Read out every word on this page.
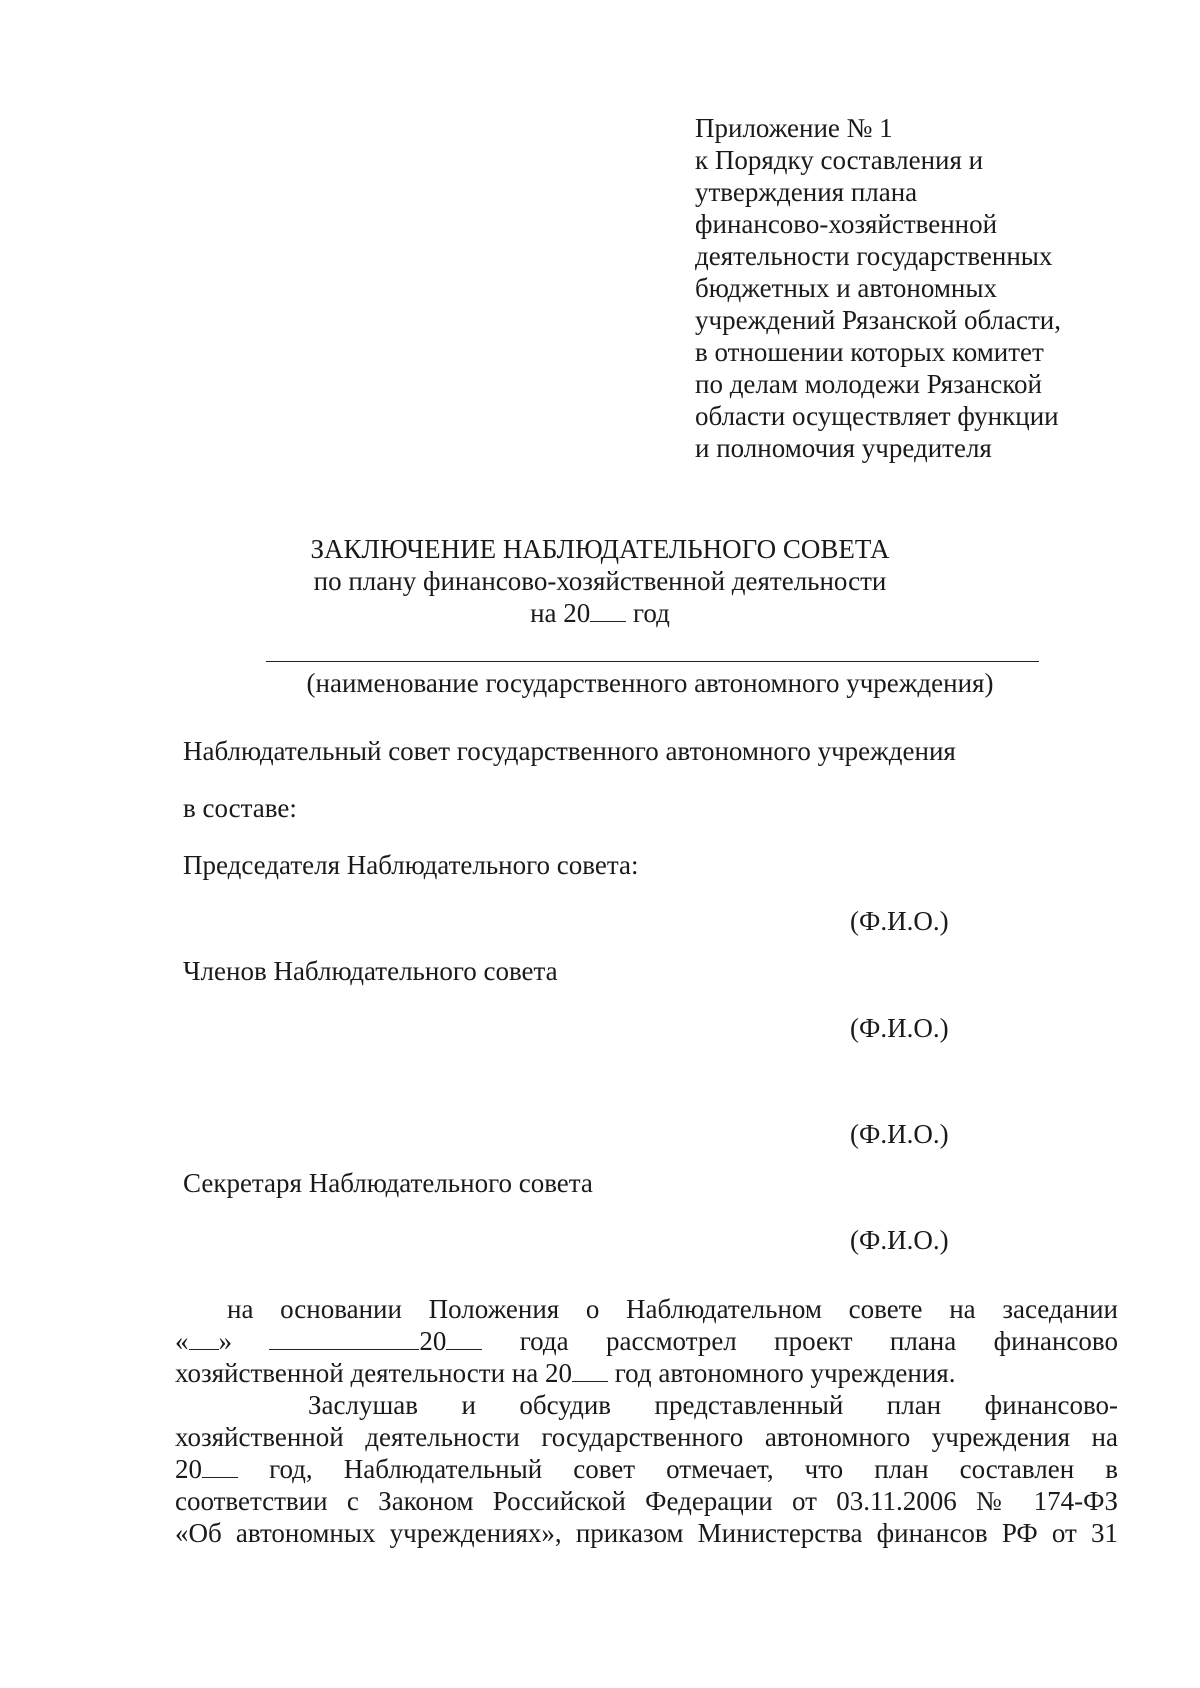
Приложение № 1
к Порядку составления и
утверждения плана
финансово-хозяйственной
деятельности государственных
бюджетных и автономных
учреждений Рязанской области,
в отношении которых комитет
по делам молодежи Рязанской
области осуществляет функции
и полномочия учредителя
ЗАКЛЮЧЕНИЕ НАБЛЮДАТЕЛЬНОГО СОВЕТА
по плану финансово-хозяйственной деятельности
на 20 год
(наименование государственного автономного учреждения)
Наблюдательный совет государственного автономного учреждения
в составе:
Председателя Наблюдательного совета:
(Ф.И.О.)
Членов Наблюдательного совета
(Ф.И.О.)
(Ф.И.О.)
Секретаря Наблюдательного совета
(Ф.И.О.)
на основании Положения о Наблюдательном совете на заседании
« »	20	года рассмотрел проект плана финансово
хозяйственной деятельности на 20 год автономного учреждения.
Заслушав и обсудив представленный план финансово-
хозяйственной деятельности государственного автономного учреждения на
20 год, Наблюдательный совет отмечает, что план составлен в
соответствии с Законом Российской Федерации от 03.11.2006 № 174-ФЗ
«Об автономных учреждениях», приказом Министерства финансов РФ от 31
